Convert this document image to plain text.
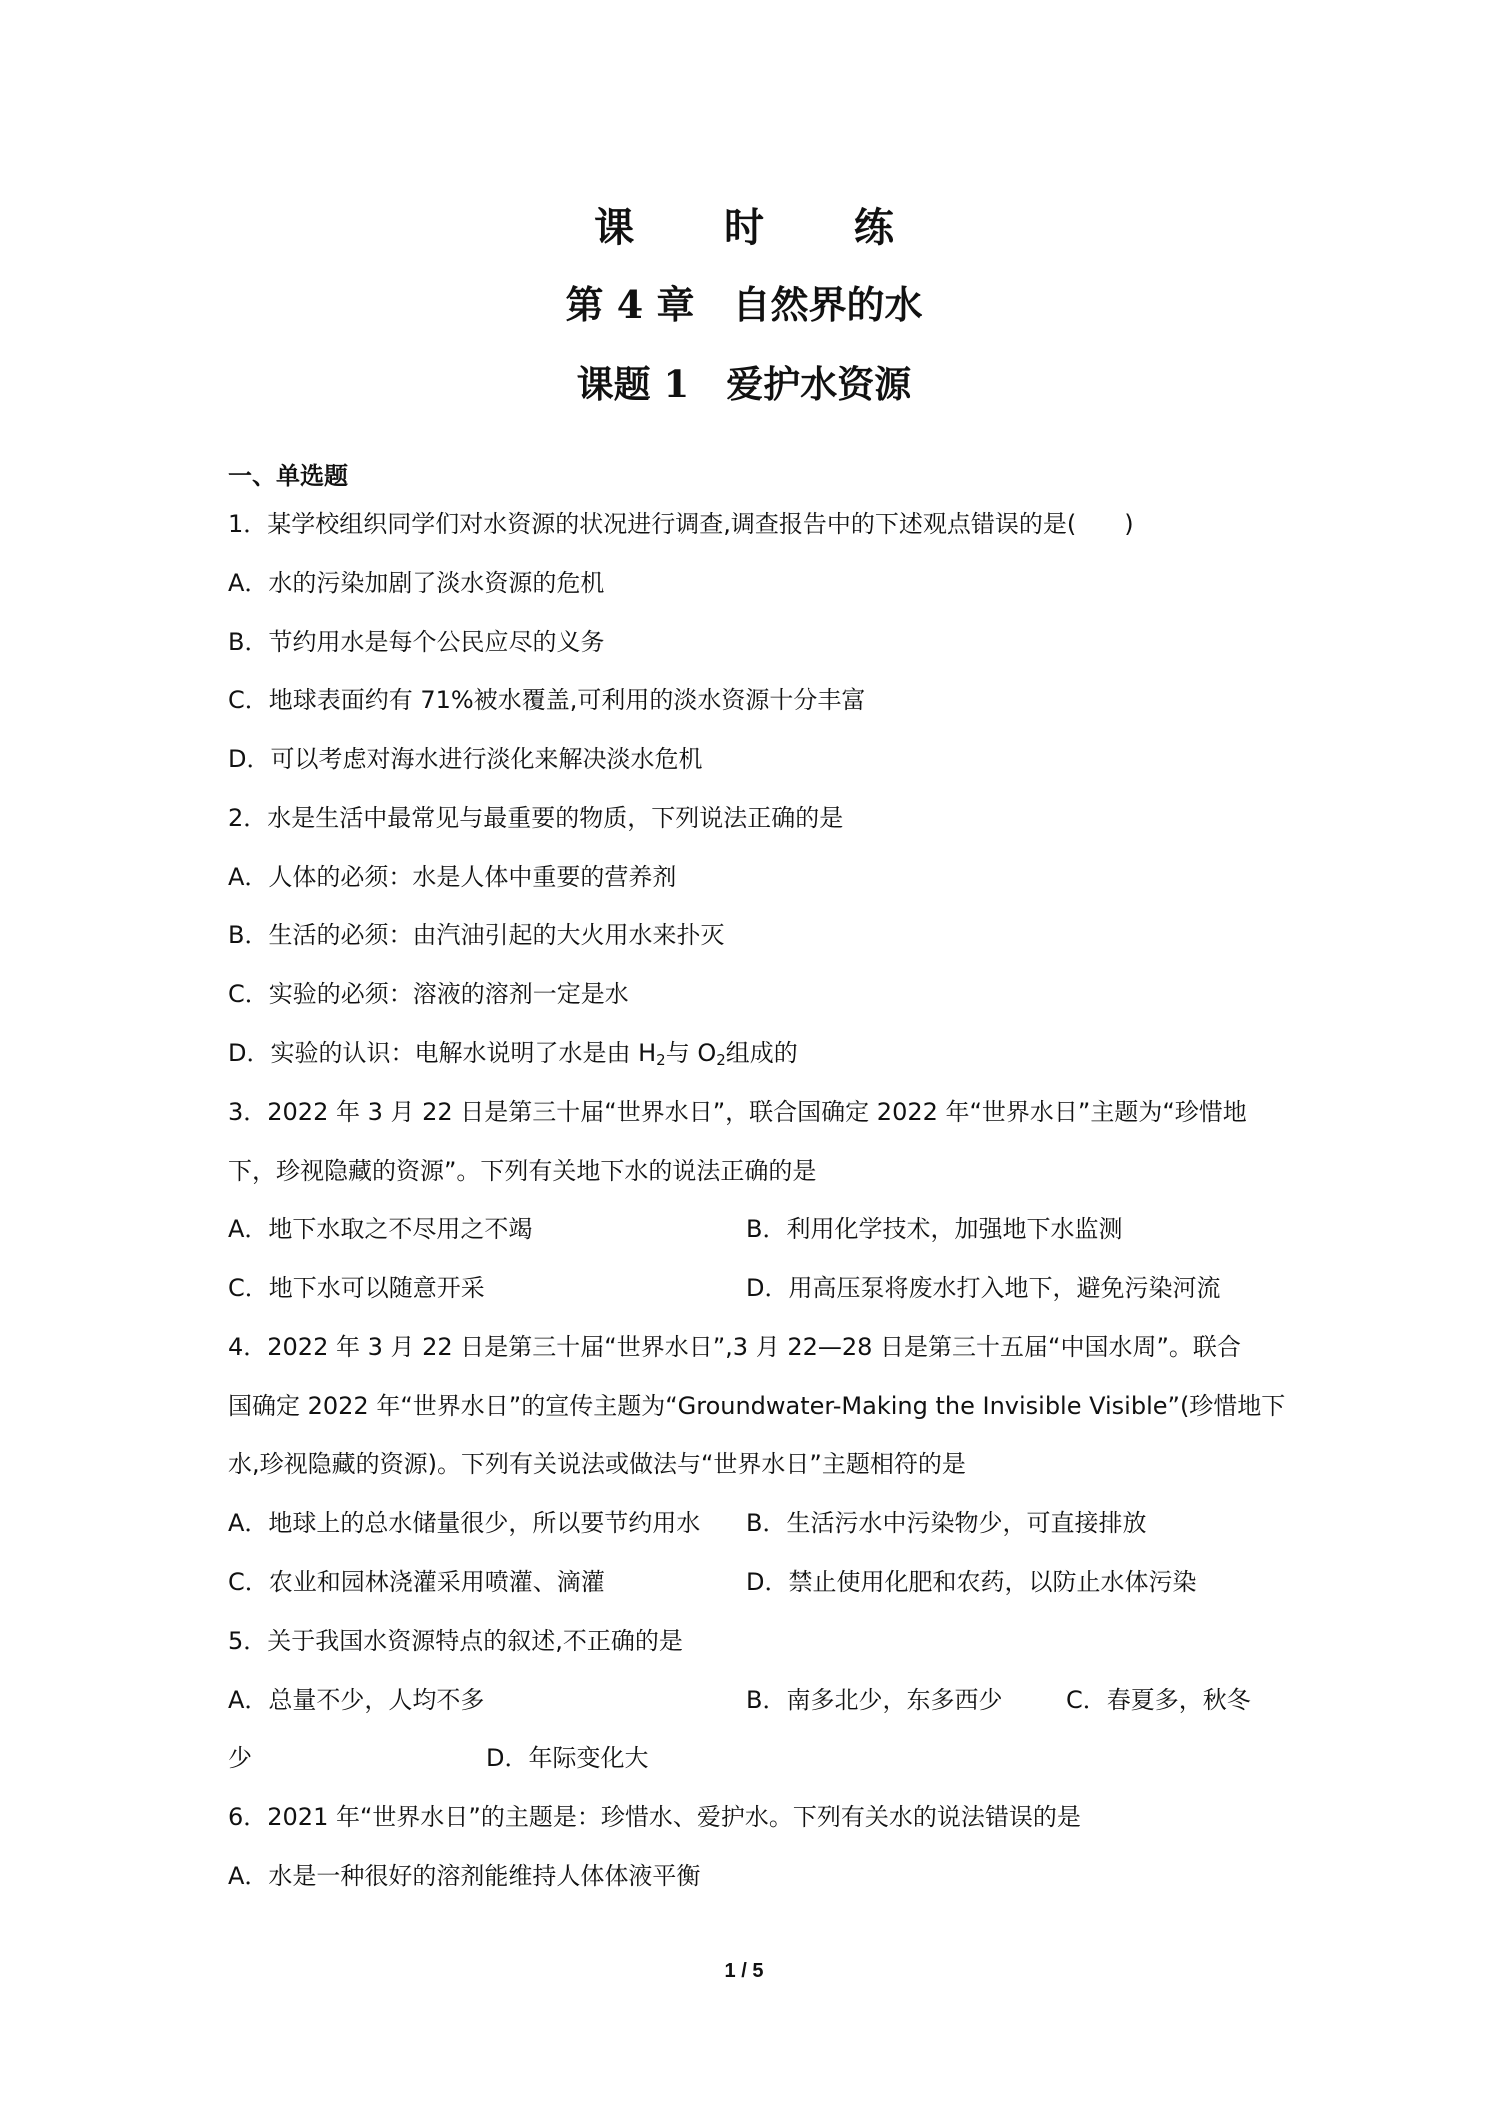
课 时 练
第 4 章　自然界的水
课题 1　爱护水资源
一、单选题
1．某学校组织同学们对水资源的状况进行调查,调查报告中的下述观点错误的是(　　)
A．水的污染加剧了淡水资源的危机
B．节约用水是每个公民应尽的义务
C．地球表面约有 71%被水覆盖,可利用的淡水资源十分丰富
D．可以考虑对海水进行淡化来解决淡水危机
2．水是生活中最常见与最重要的物质，下列说法正确的是
A．人体的必须：水是人体中重要的营养剂
B．生活的必须：由汽油引起的大火用水来扑灭
C．实验的必须：溶液的溶剂一定是水
D．实验的认识：电解水说明了水是由 $H_2$与 $O_2$组成的
3．2022 年 3 月 22 日是第三十届“世界水日”，联合国确定 2022 年“世界水日”主题为“珍惜地
下，珍视隐藏的资源”。下列有关地下水的说法正确的是
A．地下水取之不尽用之不竭	B．利用化学技术，加强地下水监测
C．地下水可以随意开采	D．用高压泵将废水打入地下，避免污染河流
4．2022 年 3 月 22 日是第三十届“世界水日”,3 月 22—28 日是第三十五届“中国水周”。联合
国确定 2022 年“世界水日”的宣传主题为“Groundwater-Making the Invisible Visible”(珍惜地下
水,珍视隐藏的资源)。下列有关说法或做法与“世界水日”主题相符的是
A．地球上的总水储量很少，所以要节约用水 B．生活污水中污染物少，可直接排放
C．农业和园林浇灌采用喷灌、滴灌	D．禁止使用化肥和农药，以防止水体污染
5．关于我国水资源特点的叙述,不正确的是
A．总量不少，人均不多	B．南多北少，东多西少	C．春夏多，秋冬
少	D．年际变化大
6．2021 年“世界水日”的主题是：珍惜水、爱护水。下列有关水的说法错误的是
A．水是一种很好的溶剂能维持人体体液平衡
1 / 5
